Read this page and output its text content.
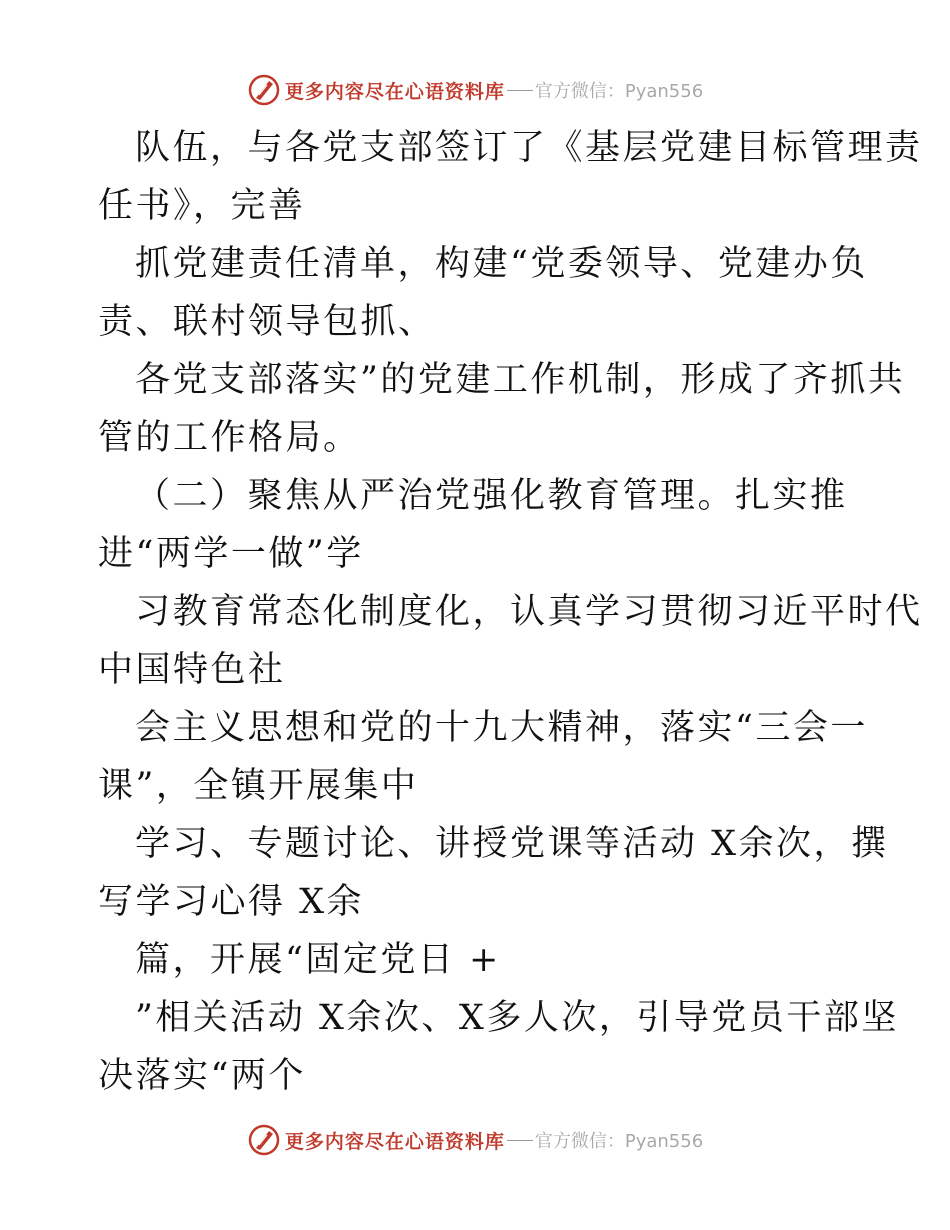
更多内容尽在心语资料库 官方微信：Pyan556
队伍，与各党支部签订了《基层党建目标管理责
任书》，完善
抓党建责任清单，构建“党委领导、党建办负
责、联村领导包抓、
各党支部落实”的党建工作机制，形成了齐抓共
管的工作格局。
（二）聚焦从严治党强化教育管理。扎实推
进“两学一做”学
习教育常态化制度化，认真学习贯彻习近平时代
中国特色社
会主义思想和党的十九大精神，落实“三会一
课”，全镇开展集中
学习、专题讨论、讲授党课等活动 X余次，撰
写学习心得 X余
篇，开展“固定党日 +
”相关活动 X余次、X多人次，引导党员干部坚
决落实“两个
更多内容尽在心语资料库 官方微信：Pyan556
